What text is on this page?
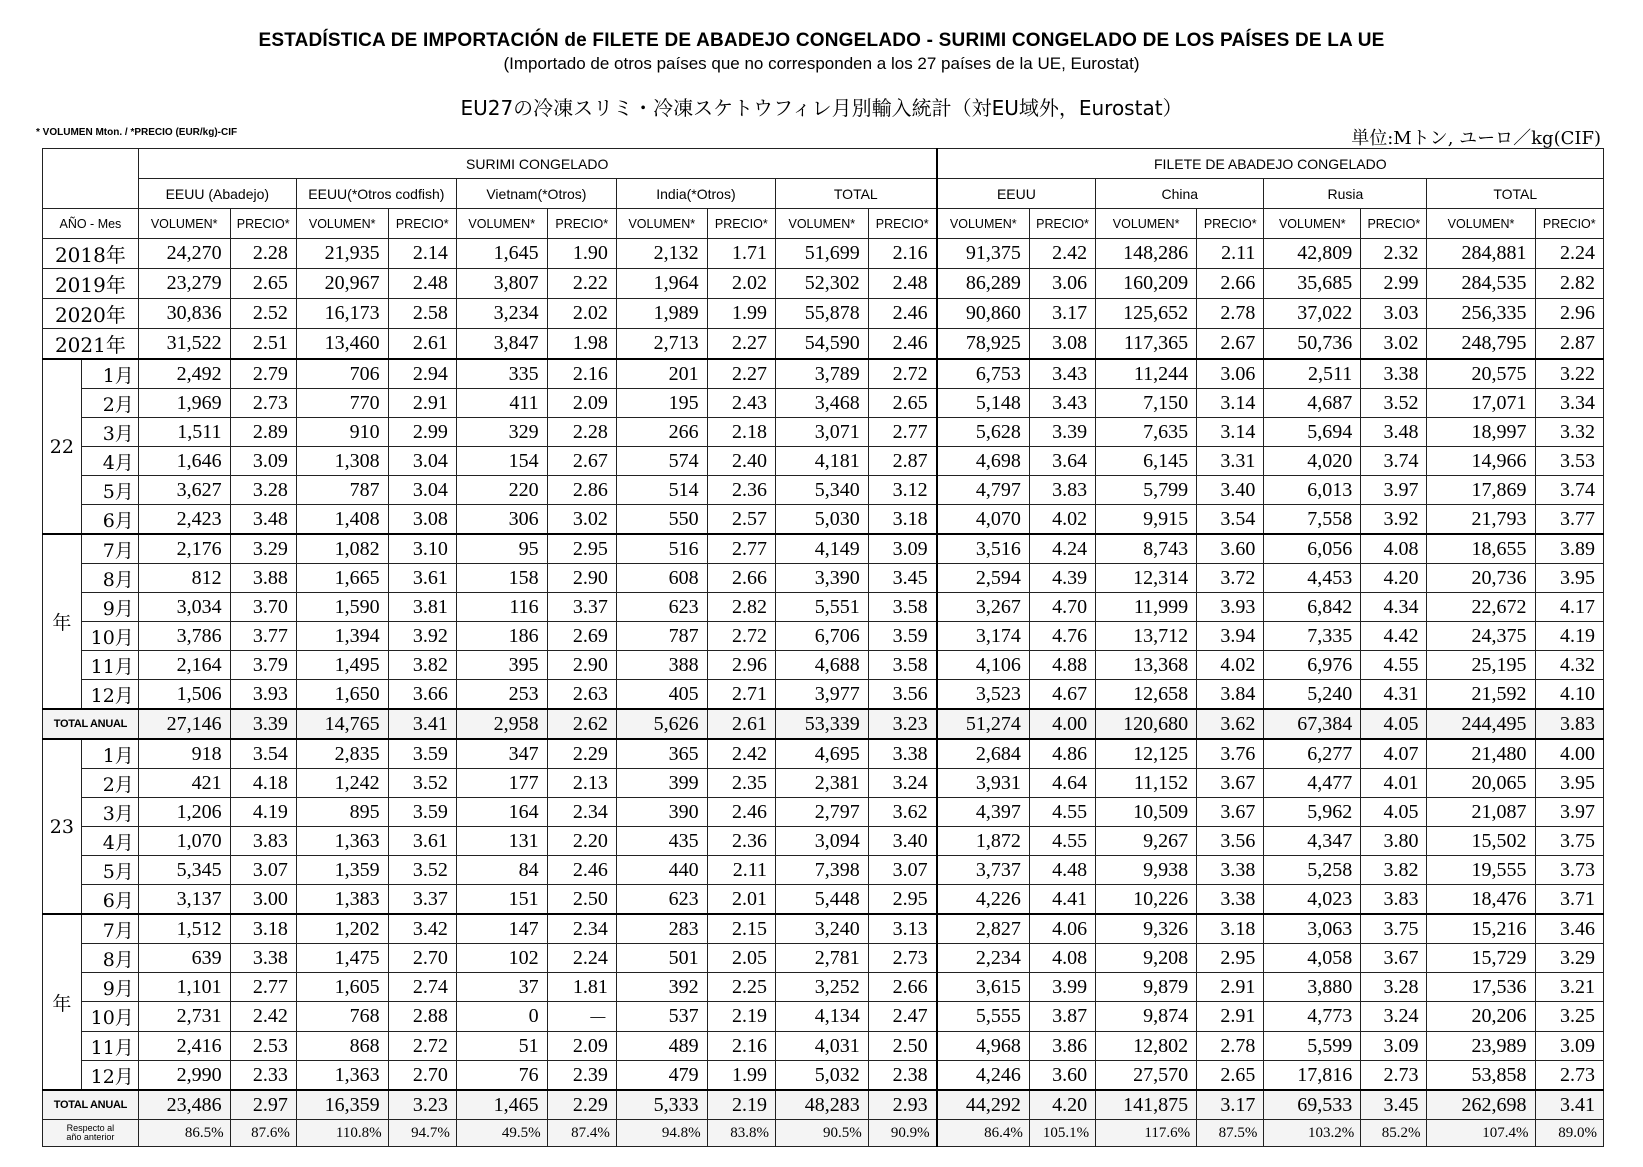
ESTADÍSTICA DE IMPORTACIÓN de FILETE DE ABADEJO CONGELADO - SURIMI CONGELADO DE LOS PAÍSES DE LA UE
(Importado de otros países que no corresponden a los 27 países de la UE, Eurostat)
EU27の冷凍スリミ・冷凍スケトウフィレ月別輸入統計（対EU域外，Eurostat）
* VOLUMEN Mton. / *PRECIO (EUR/kg)-CIF	単位:Mトン, ユーロ／kg(CIF)
		SURIMI CONGELADO										FILETE DE ABADEJO CONGELADO							
		EEUU (Abadejo)		EEUU(*Otros codfish)		Vietnam(*Otros)		India(*Otros)		TOTAL		EEUU		China		Rusia		TOTAL	
AÑO - Mes		VOLUMEN*	PRECIO*	VOLUMEN*	PRECIO*	VOLUMEN*	PRECIO*	VOLUMEN*	PRECIO*	VOLUMEN*	PRECIO*	VOLUMEN*	PRECIO*	VOLUMEN*	PRECIO*	VOLUMEN*	PRECIO*	VOLUMEN*	PRECIO*
2018年		24,270	2.28	21,935	2.14	1,645	1.90	2,132	1.71	51,699	2.16	91,375	2.42	148,286	2.11	42,809	2.32	284,881	2.24
2019年		23,279	2.65	20,967	2.48	3,807	2.22	1,964	2.02	52,302	2.48	86,289	3.06	160,209	2.66	35,685	2.99	284,535	2.82
2020年		30,836	2.52	16,173	2.58	3,234	2.02	1,989	1.99	55,878	2.46	90,860	3.17	125,652	2.78	37,022	3.03	256,335	2.96
2021年		31,522	2.51	13,460	2.61	3,847	1.98	2,713	2.27	54,590	2.46	78,925	3.08	117,365	2.67	50,736	3.02	248,795	2.87
22	1月	2,492	2.79	706	2.94	335	2.16	201	2.27	3,789	2.72	6,753	3.43	11,244	3.06	2,511	3.38	20,575	3.22
	2月	1,969	2.73	770	2.91	411	2.09	195	2.43	3,468	2.65	5,148	3.43	7,150	3.14	4,687	3.52	17,071	3.34
	3月	1,511	2.89	910	2.99	329	2.28	266	2.18	3,071	2.77	5,628	3.39	7,635	3.14	5,694	3.48	18,997	3.32
	4月	1,646	3.09	1,308	3.04	154	2.67	574	2.40	4,181	2.87	4,698	3.64	6,145	3.31	4,020	3.74	14,966	3.53
	5月	3,627	3.28	787	3.04	220	2.86	514	2.36	5,340	3.12	4,797	3.83	5,799	3.40	6,013	3.97	17,869	3.74
	6月	2,423	3.48	1,408	3.08	306	3.02	550	2.57	5,030	3.18	4,070	4.02	9,915	3.54	7,558	3.92	21,793	3.77
年	7月	2,176	3.29	1,082	3.10	95	2.95	516	2.77	4,149	3.09	3,516	4.24	8,743	3.60	6,056	4.08	18,655	3.89
	8月	812	3.88	1,665	3.61	158	2.90	608	2.66	3,390	3.45	2,594	4.39	12,314	3.72	4,453	4.20	20,736	3.95
	9月	3,034	3.70	1,590	3.81	116	3.37	623	2.82	5,551	3.58	3,267	4.70	11,999	3.93	6,842	4.34	22,672	4.17
	10月	3,786	3.77	1,394	3.92	186	2.69	787	2.72	6,706	3.59	3,174	4.76	13,712	3.94	7,335	4.42	24,375	4.19
	11月	2,164	3.79	1,495	3.82	395	2.90	388	2.96	4,688	3.58	4,106	4.88	13,368	4.02	6,976	4.55	25,195	4.32
	12月	1,506	3.93	1,650	3.66	253	2.63	405	2.71	3,977	3.56	3,523	4.67	12,658	3.84	5,240	4.31	21,592	4.10
TOTAL ANUAL		27,146	3.39	14,765	3.41	2,958	2.62	5,626	2.61	53,339	3.23	51,274	4.00	120,680	3.62	67,384	4.05	244,495	3.83
23	1月	918	3.54	2,835	3.59	347	2.29	365	2.42	4,695	3.38	2,684	4.86	12,125	3.76	6,277	4.07	21,480	4.00
	2月	421	4.18	1,242	3.52	177	2.13	399	2.35	2,381	3.24	3,931	4.64	11,152	3.67	4,477	4.01	20,065	3.95
	3月	1,206	4.19	895	3.59	164	2.34	390	2.46	2,797	3.62	4,397	4.55	10,509	3.67	5,962	4.05	21,087	3.97
	4月	1,070	3.83	1,363	3.61	131	2.20	435	2.36	3,094	3.40	1,872	4.55	9,267	3.56	4,347	3.80	15,502	3.75
	5月	5,345	3.07	1,359	3.52	84	2.46	440	2.11	7,398	3.07	3,737	4.48	9,938	3.38	5,258	3.82	19,555	3.73
	6月	3,137	3.00	1,383	3.37	151	2.50	623	2.01	5,448	2.95	4,226	4.41	10,226	3.38	4,023	3.83	18,476	3.71
年	7月	1,512	3.18	1,202	3.42	147	2.34	283	2.15	3,240	3.13	2,827	4.06	9,326	3.18	3,063	3.75	15,216	3.46
	8月	639	3.38	1,475	2.70	102	2.24	501	2.05	2,781	2.73	2,234	4.08	9,208	2.95	4,058	3.67	15,729	3.29
	9月	1,101	2.77	1,605	2.74	37	1.81	392	2.25	3,252	2.66	3,615	3.99	9,879	2.91	3,880	3.28	17,536	3.21
	10月	2,731	2.42	768	2.88	0	－	537	2.19	4,134	2.47	5,555	3.87	9,874	2.91	4,773	3.24	20,206	3.25
	11月	2,416	2.53	868	2.72	51	2.09	489	2.16	4,031	2.50	4,968	3.86	12,802	2.78	5,599	3.09	23,989	3.09
	12月	2,990	2.33	1,363	2.70	76	2.39	479	1.99	5,032	2.38	4,246	3.60	27,570	2.65	17,816	2.73	53,858	2.73
TOTAL ANUAL		23,486	2.97	16,359	3.23	1,465	2.29	5,333	2.19	48,283	2.93	44,292	4.20	141,875	3.17	69,533	3.45	262,698	3.41

Respecto al
año anterior		86.5%	87.6%	110.8%	94.7%	49.5%	87.4%	94.8%	83.8%	90.5%	90.9%	86.4%	105.1%	117.6%	87.5%	103.2%	85.2%	107.4%	89.0%
